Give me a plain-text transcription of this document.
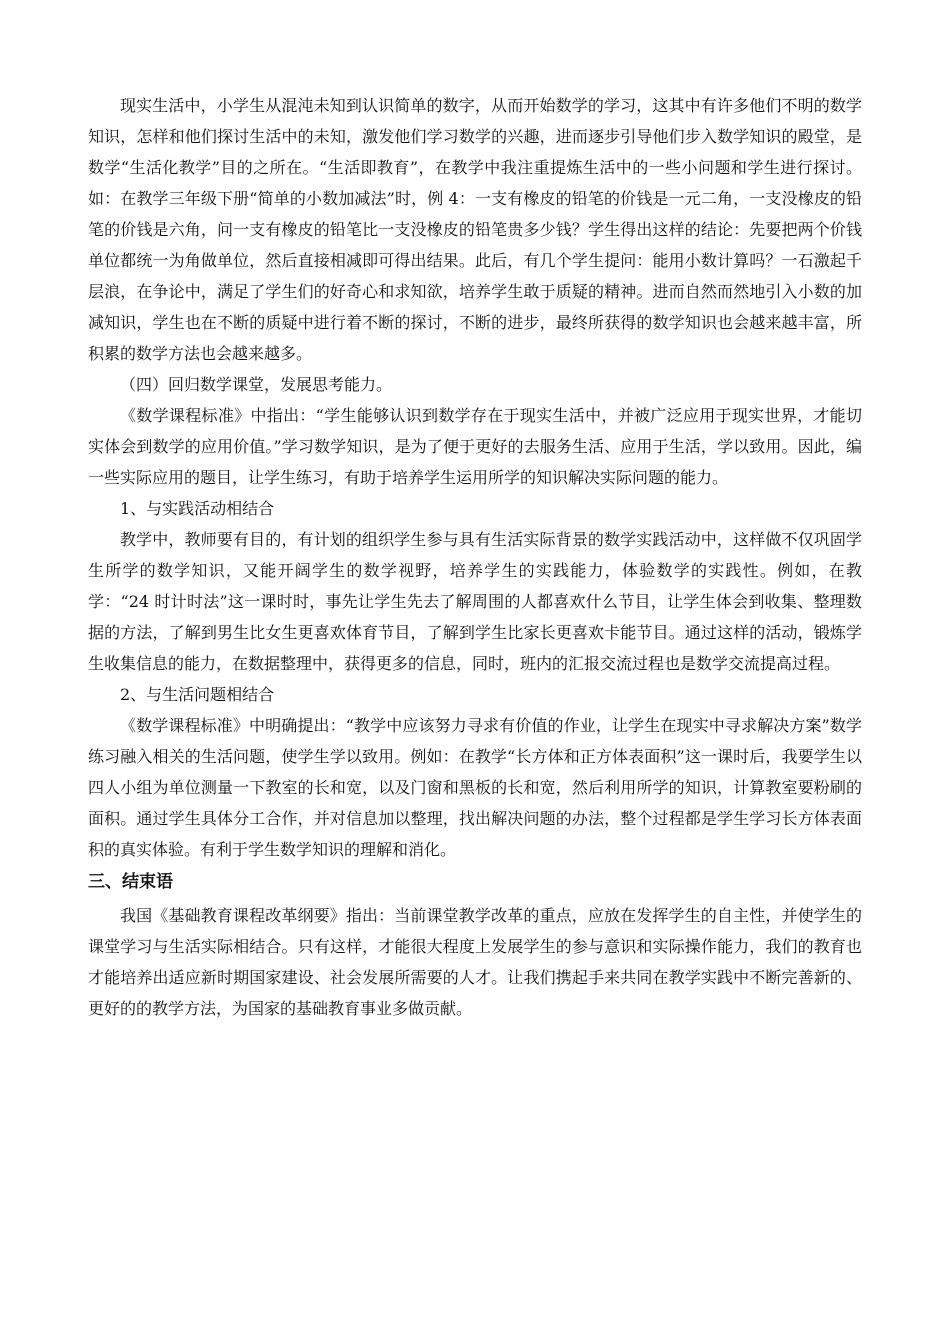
现实生活中，小学生从混沌未知到认识简单的数字，从而开始数学的学习，这其中有许多他们不明的数学知识，怎样和他们探讨生活中的未知，激发他们学习数学的兴趣，进而逐步引导他们步入数学知识的殿堂，是数学“生活化教学”目的之所在。“生活即教育”，在教学中我注重提炼生活中的一些小问题和学生进行探讨。如：在教学三年级下册“简单的小数加减法”时，例 4：一支有橡皮的铅笔的价钱是一元二角，一支没橡皮的铅笔的价钱是六角，问一支有橡皮的铅笔比一支没橡皮的铅笔贵多少钱？学生得出这样的结论：先要把两个价钱单位都统一为角做单位，然后直接相减即可得出结果。此后，有几个学生提问：能用小数计算吗？一石激起千层浪，在争论中，满足了学生们的好奇心和求知欲，培养学生敢于质疑的精神。进而自然而然地引入小数的加减知识，学生也在不断的质疑中进行着不断的探讨，不断的进步，最终所获得的数学知识也会越来越丰富，所积累的数学方法也会越来越多。

（四）回归数学课堂，发展思考能力。

《数学课程标准》中指出：“学生能够认识到数学存在于现实生活中，并被广泛应用于现实世界，才能切实体会到数学的应用价值。”学习数学知识，是为了便于更好的去服务生活、应用于生活，学以致用。因此，编一些实际应用的题目，让学生练习，有助于培养学生运用所学的知识解决实际问题的能力。

1、与实践活动相结合

教学中，教师要有目的，有计划的组织学生参与具有生活实际背景的数学实践活动中，这样做不仅巩固学生所学的数学知识，又能开阔学生的数学视野，培养学生的实践能力，体验数学的实践性。例如，在教学：“24 时计时法”这一课时时，事先让学生先去了解周围的人都喜欢什么节目，让学生体会到收集、整理数据的方法，了解到男生比女生更喜欢体育节目，了解到学生比家长更喜欢卡能节目。通过这样的活动，锻炼学生收集信息的能力，在数据整理中，获得更多的信息，同时，班内的汇报交流过程也是数学交流提高过程。

2、与生活问题相结合

《数学课程标准》中明确提出：“教学中应该努力寻求有价值的作业，让学生在现实中寻求解决方案”数学练习融入相关的生活问题，使学生学以致用。例如：在教学“长方体和正方体表面积”这一课时后，我要学生以四人小组为单位测量一下教室的长和宽，以及门窗和黑板的长和宽，然后利用所学的知识，计算教室要粉刷的面积。通过学生具体分工合作，并对信息加以整理，找出解决问题的办法，整个过程都是学生学习长方体表面积的真实体验。有利于学生数学知识的理解和消化。

三、结束语

我国《基础教育课程改革纲要》指出：当前课堂教学改革的重点，应放在发挥学生的自主性，并使学生的课堂学习与生活实际相结合。只有这样，才能很大程度上发展学生的参与意识和实际操作能力，我们的教育也才能培养出适应新时期国家建设、社会发展所需要的人才。让我们携起手来共同在教学实践中不断完善新的、更好的的教学方法，为国家的基础教育事业多做贡献。
